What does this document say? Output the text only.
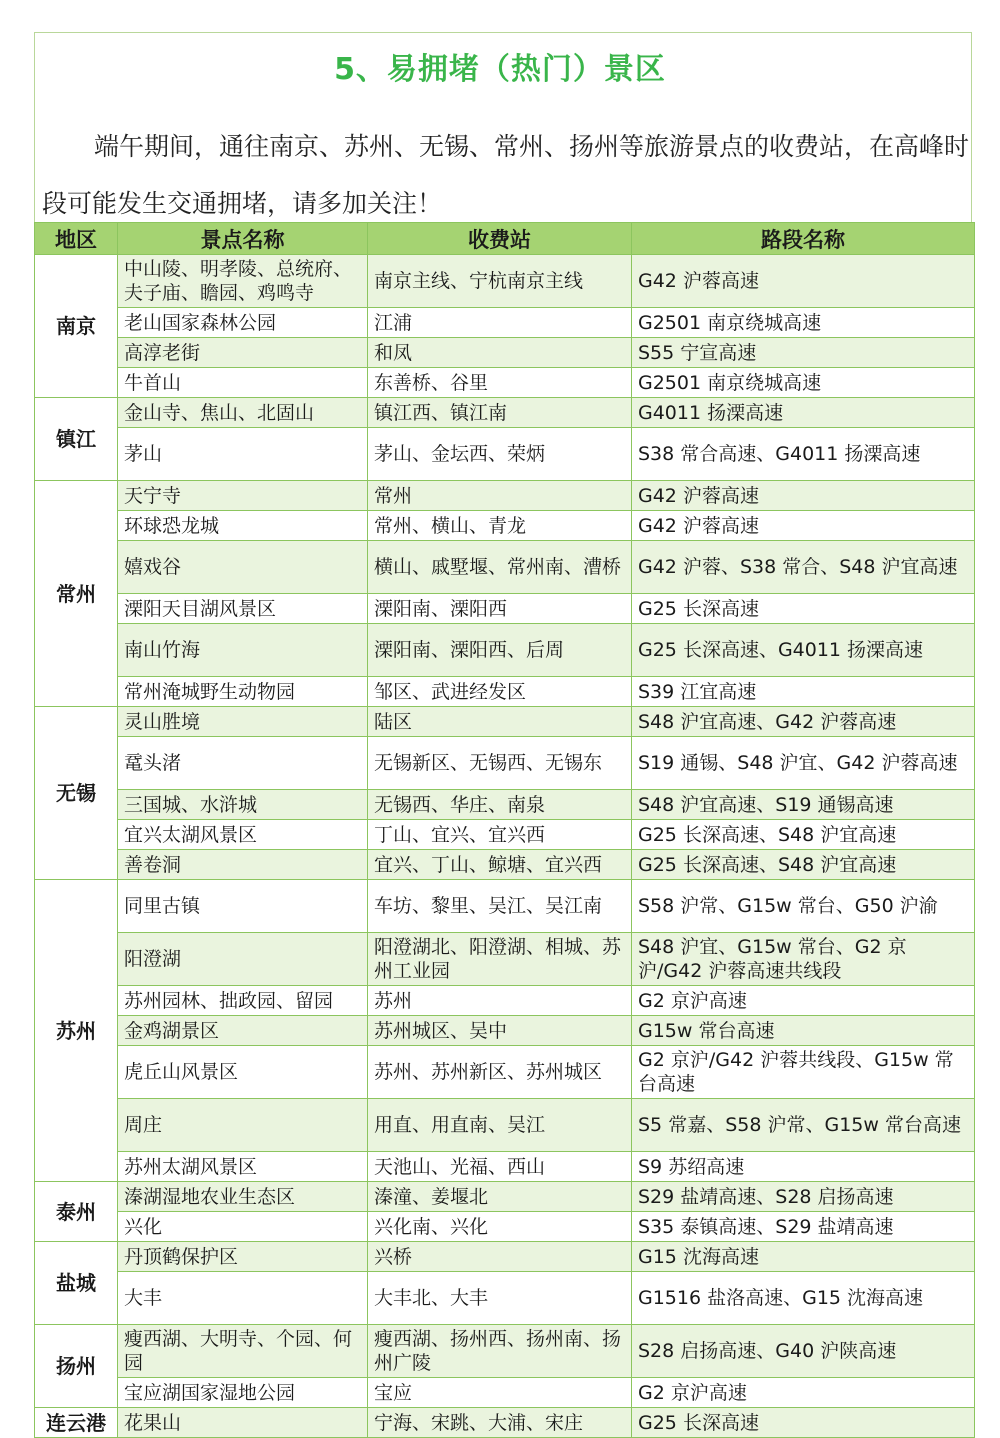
5、易拥堵（热门）景区
端午期间，通往南京、苏州、无锡、常州、扬州等旅游景点的收费站，在高峰时段可能发生交通拥堵，请多加关注！
地区	景点名称	收费站	路段名称
南京	中山陵、明孝陵、总统府、夫子庙、瞻园、鸡鸣寺	南京主线、宁杭南京主线	G42 沪蓉高速
	老山国家森林公园	江浦	G2501 南京绕城高速
	高淳老街	和凤	S55 宁宣高速
	牛首山	东善桥、谷里	G2501 南京绕城高速
镇江	金山寺、焦山、北固山	镇江西、镇江南	G4011 扬溧高速
	茅山	茅山、金坛西、荣炳	S38 常合高速、G4011 扬溧高速
常州	天宁寺	常州	G42 沪蓉高速
	环球恐龙城	常州、横山、青龙	G42 沪蓉高速
	嬉戏谷	横山、戚墅堰、常州南、漕桥	G42 沪蓉、S38 常合、S48 沪宜高速
	溧阳天目湖风景区	溧阳南、溧阳西	G25 长深高速
	南山竹海	溧阳南、溧阳西、后周	G25 长深高速、G4011 扬溧高速
	常州淹城野生动物园	邹区、武进经发区	S39 江宜高速
无锡	灵山胜境	陆区	S48 沪宜高速、G42 沪蓉高速
	鼋头渚	无锡新区、无锡西、无锡东	S19 通锡、S48 沪宜、G42 沪蓉高速
	三国城、水浒城	无锡西、华庄、南泉	S48 沪宜高速、S19 通锡高速
	宜兴太湖风景区	丁山、宜兴、宜兴西	G25 长深高速、S48 沪宜高速
	善卷洞	宜兴、丁山、鲸塘、宜兴西	G25 长深高速、S48 沪宜高速
苏州	同里古镇	车坊、黎里、吴江、吴江南	S58 沪常、G15w 常台、G50 沪渝
	阳澄湖	阳澄湖北、阳澄湖、相城、苏州工业园	S48 沪宜、G15w 常台、G2 京沪/G42 沪蓉高速共线段
	苏州园林、拙政园、留园	苏州	G2 京沪高速
	金鸡湖景区	苏州城区、吴中	G15w 常台高速
	虎丘山风景区	苏州、苏州新区、苏州城区	G2 京沪/G42 沪蓉共线段、G15w 常台高速
	周庄	用直、用直南、吴江	S5 常嘉、S58 沪常、G15w 常台高速
	苏州太湖风景区	天池山、光福、西山	S9 苏绍高速
泰州	溱湖湿地农业生态区	溱潼、姜堰北	S29 盐靖高速、S28 启扬高速
	兴化	兴化南、兴化	S35 泰镇高速、S29 盐靖高速
盐城	丹顶鹤保护区	兴桥	G15 沈海高速
	大丰	大丰北、大丰	G1516 盐洛高速、G15 沈海高速
扬州	瘦西湖、大明寺、个园、何园	瘦西湖、扬州西、扬州南、扬州广陵	S28 启扬高速、G40 沪陕高速
	宝应湖国家湿地公园	宝应	G2 京沪高速
连云港	花果山	宁海、宋跳、大浦、宋庄	G25 长深高速
